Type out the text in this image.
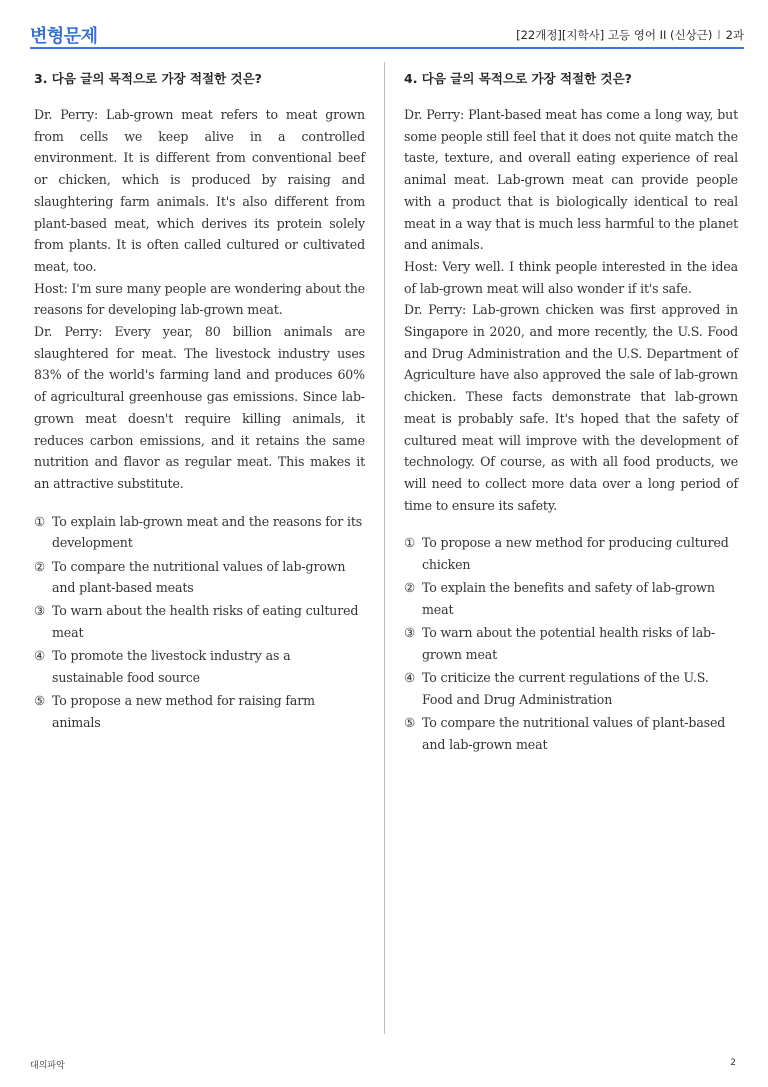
변형문제	[22개정][지학사] 고등 영어 II (신상근) l 2과
3. 다음 글의 목적으로 가장 적절한 것은?

Dr. Perry: Lab-grown meat refers to meat grown from cells we keep alive in a controlled environment. It is different from conventional beef or chicken, which is produced by raising and slaughtering farm animals. It's also different from plant-based meat, which derives its protein solely from plants. It is often called cultured or cultivated meat, too.

Host: I'm sure many people are wondering about the reasons for developing lab-grown meat.

Dr. Perry: Every year, 80 billion animals are slaughtered for meat. The livestock industry uses 83% of the world's farming land and produces 60% of agricultural greenhouse gas emissions. Since lab-grown meat doesn't require killing animals, it reduces carbon emissions, and it retains the same nutrition and flavor as regular meat. This makes it an attractive substitute.

① To explain lab-grown meat and the reasons for its development
② To compare the nutritional values of lab-grown and plant-based meats
③ To warn about the health risks of eating cultured meat
④ To promote the livestock industry as a sustainable food source
⑤ To propose a new method for raising farm animals
4. 다음 글의 목적으로 가장 적절한 것은?

Dr. Perry: Plant-based meat has come a long way, but some people still feel that it does not quite match the taste, texture, and overall eating experience of real animal meat. Lab-grown meat can provide people with a product that is biologically identical to real meat in a way that is much less harmful to the planet and animals.

Host: Very well. I think people interested in the idea of lab-grown meat will also wonder if it's safe.

Dr. Perry: Lab-grown chicken was first approved in Singapore in 2020, and more recently, the U.S. Food and Drug Administration and the U.S. Department of Agriculture have also approved the sale of lab-grown chicken. These facts demonstrate that lab-grown meat is probably safe. It's hoped that the safety of cultured meat will improve with the development of technology. Of course, as with all food products, we will need to collect more data over a long period of time to ensure its safety.

① To propose a new method for producing cultured chicken
② To explain the benefits and safety of lab-grown meat
③ To warn about the potential health risks of lab-grown meat
④ To criticize the current regulations of the U.S. Food and Drug Administration
⑤ To compare the nutritional values of plant-based and lab-grown meat
대의파악	2
